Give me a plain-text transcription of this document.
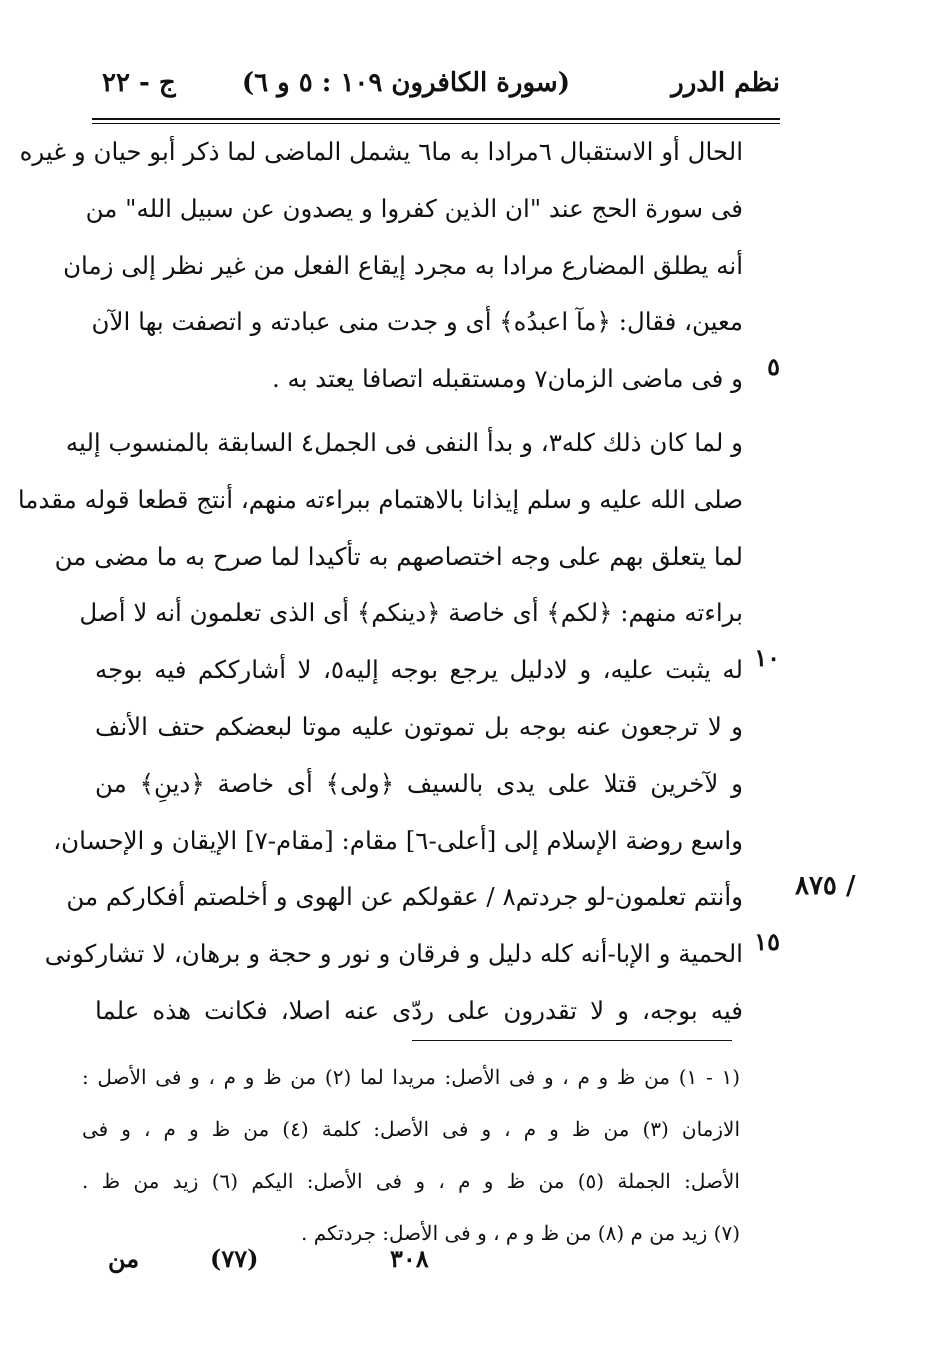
نظم الدرر
(سورة الكافرون ١٠٩ : ٥ و ٦)
ج - ٢٢
الحال أو الاستقبال ٦مرادا به ما٦ يشمل الماضى لما ذكر أبو حيان و غيره
فى سورة الحج عند "ان الذين كفروا و يصدون عن سبيل الله" من
أنه يطلق المضارع مرادا به مجرد إيقاع الفعل من غير نظر إلى زمان
معين، فقال: ﴿مآ اعبدُه﴾ أى و جدت منى عبادته و اتصفت بها الآن
و فى ماضى الزمان٧ ومستقبله اتصافا يعتد به .
و لما كان ذلك كله٣، و بدأ النفى فى الجمل٤ السابقة بالمنسوب إليه
صلى الله عليه و سلم إيذانا بالاهتمام ببراءته منهم، أنتج قطعا قوله مقدما
لما يتعلق بهم على وجه اختصاصهم به تأكيدا لما صرح به ما مضى من
براءته منهم: ﴿لكم﴾ أى خاصة ﴿دينكم﴾ أى الذى تعلمون أنه لا أصل
له يثبت عليه، و لادليل يرجع بوجه إليه٥، لا أشارككم فيه بوجه
و لا ترجعون عنه بوجه بل تموتون عليه موتا لبعضكم حتف الأنف
و لآخرين قتلا على يدى بالسيف ﴿ولى﴾ أى خاصة ﴿دينِ﴾ من
واسع روضة الإسلام إلى [أعلى-٦] مقام: [مقام-٧] الإيقان و الإحسان،
وأنتم تعلمون-لو جردتم٨ / عقولكم عن الهوى و أخلصتم أفكاركم من
الحمية و الإبا-أنه كله دليل و فرقان و نور و حجة و برهان، لا تشاركونى
فيه بوجه، و لا تقدرون على ردّى عنه اصلا، فكانت هذه علما
٥
١٠
١٥
٨٧٥ /
(١ - ١) من ظ و م ، و فى الأصل: مريدا لما (٢) من ظ و م ، و فى الأصل :
الازمان (٣) من ظ و م ، و فى الأصل: كلمة (٤) من ظ و م ، و فى
الأصل: الجملة (٥) من ظ و م ، و فى الأصل: اليكم (٦) زيد من ظ .
(٧) زيد من م (٨) من ظ و م ، و فى الأصل: جردتكم .
من	(٧٧)	٣٠٨
